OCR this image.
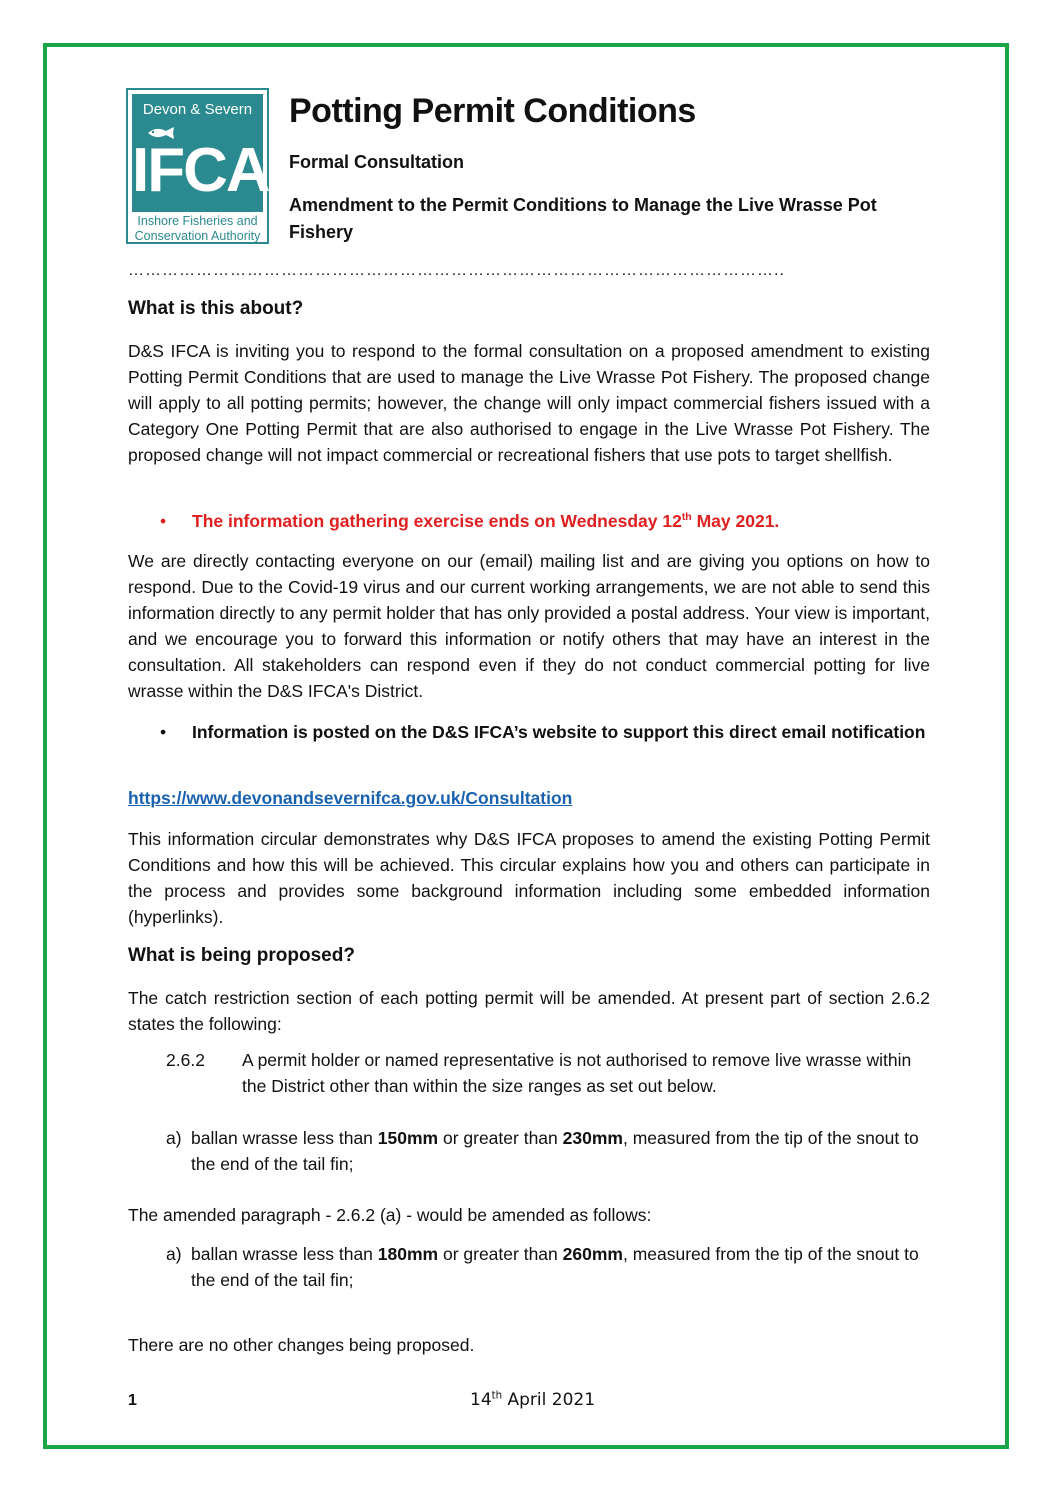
Devon & Severn
IFCA
Inshore Fisheries and
Conservation Authority
Potting Permit Conditions
Formal Consultation
Amendment to the Permit Conditions to Manage the Live Wrasse Pot Fishery
……………………………………………………………………………………………………..
What is this about?

D&S IFCA is inviting you to respond to the formal consultation on a proposed amendment to existing Potting Permit Conditions that are used to manage the Live Wrasse Pot Fishery. The proposed change will apply to all potting permits; however, the change will only impact commercial fishers issued with a Category One Potting Permit that are also authorised to engage in the Live Wrasse Pot Fishery. The proposed change will not impact commercial or recreational fishers that use pots to target shellfish.

• The information gathering exercise ends on Wednesday 12th May 2021.

We are directly contacting everyone on our (email) mailing list and are giving you options on how to respond. Due to the Covid-19 virus and our current working arrangements, we are not able to send this information directly to any permit holder that has only provided a postal address. Your view is important, and we encourage you to forward this information or notify others that may have an interest in the consultation. All stakeholders can respond even if they do not conduct commercial potting for live wrasse within the D&S IFCA's District.

• Information is posted on the D&S IFCA’s website to support this direct email notification
https://www.devonandsevernifca.gov.uk/Consultation

This information circular demonstrates why D&S IFCA proposes to amend the existing Potting Permit Conditions and how this will be achieved. This circular explains how you and others can participate in the process and provides some background information including some embedded information (hyperlinks).

What is being proposed?

The catch restriction section of each potting permit will be amended. At present part of section 2.6.2 states the following:

2.6.2 A permit holder or named representative is not authorised to remove live wrasse within the District other than within the size ranges as set out below.
a) ballan wrasse less than 150mm or greater than 230mm, measured from the tip of the snout to the end of the tail fin;

The amended paragraph - 2.6.2 (a) - would be amended as follows:

a) ballan wrasse less than 180mm or greater than 260mm, measured from the tip of the snout to the end of the tail fin;

There are no other changes being proposed.

1	14th April 2021
